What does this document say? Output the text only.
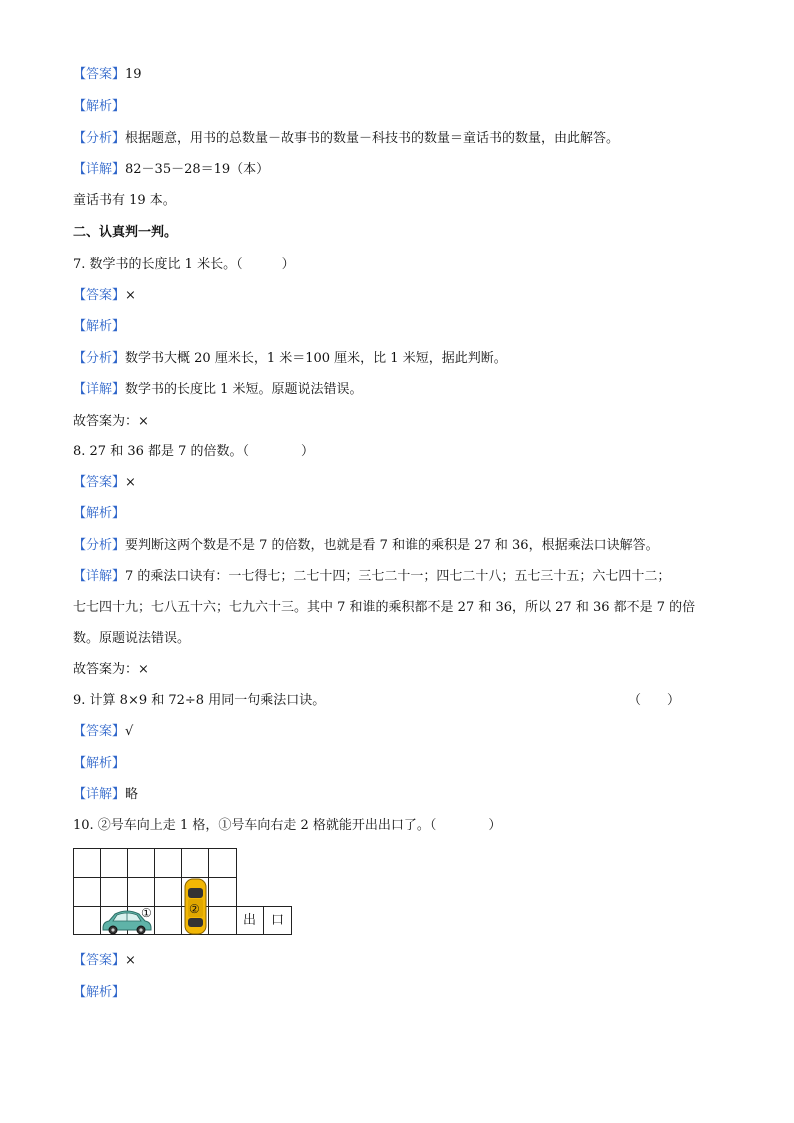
【答案】19
【解析】
【分析】根据题意，用书的总数量－故事书的数量－科技书的数量＝童话书的数量，由此解答。
【详解】82－35－28＝19（本）
童话书有 19 本。
二、认真判一判。
7. 数学书的长度比 1 米长。（　　　）
【答案】×
【解析】
【分析】数学书大概 20 厘米长，1 米＝100 厘米，比 1 米短，据此判断。
【详解】数学书的长度比 1 米短。原题说法错误。
故答案为：×
8. 27 和 36 都是 7 的倍数。（　　　　）
【答案】×
【解析】
【分析】要判断这两个数是不是 7 的倍数，也就是看 7 和谁的乘积是 27 和 36，根据乘法口诀解答。
【详解】7 的乘法口诀有：一七得七；二七十四；三七二十一；四七二十八；五七三十五；六七四十二；
七七四十九；七八五十六；七九六十三。其中 7 和谁的乘积都不是 27 和 36，所以 27 和 36 都不是 7 的倍
数。原题说法错误。
故答案为：×
9. 计算 8×9 和 72÷8 用同一句乘法口诀。	（　　）
【答案】√
【解析】
【详解】略
10. ②号车向上走 1 格，①号车向右走 2 格就能开出出口了。（　　　　）
出 口
①	②
【答案】×
【解析】
